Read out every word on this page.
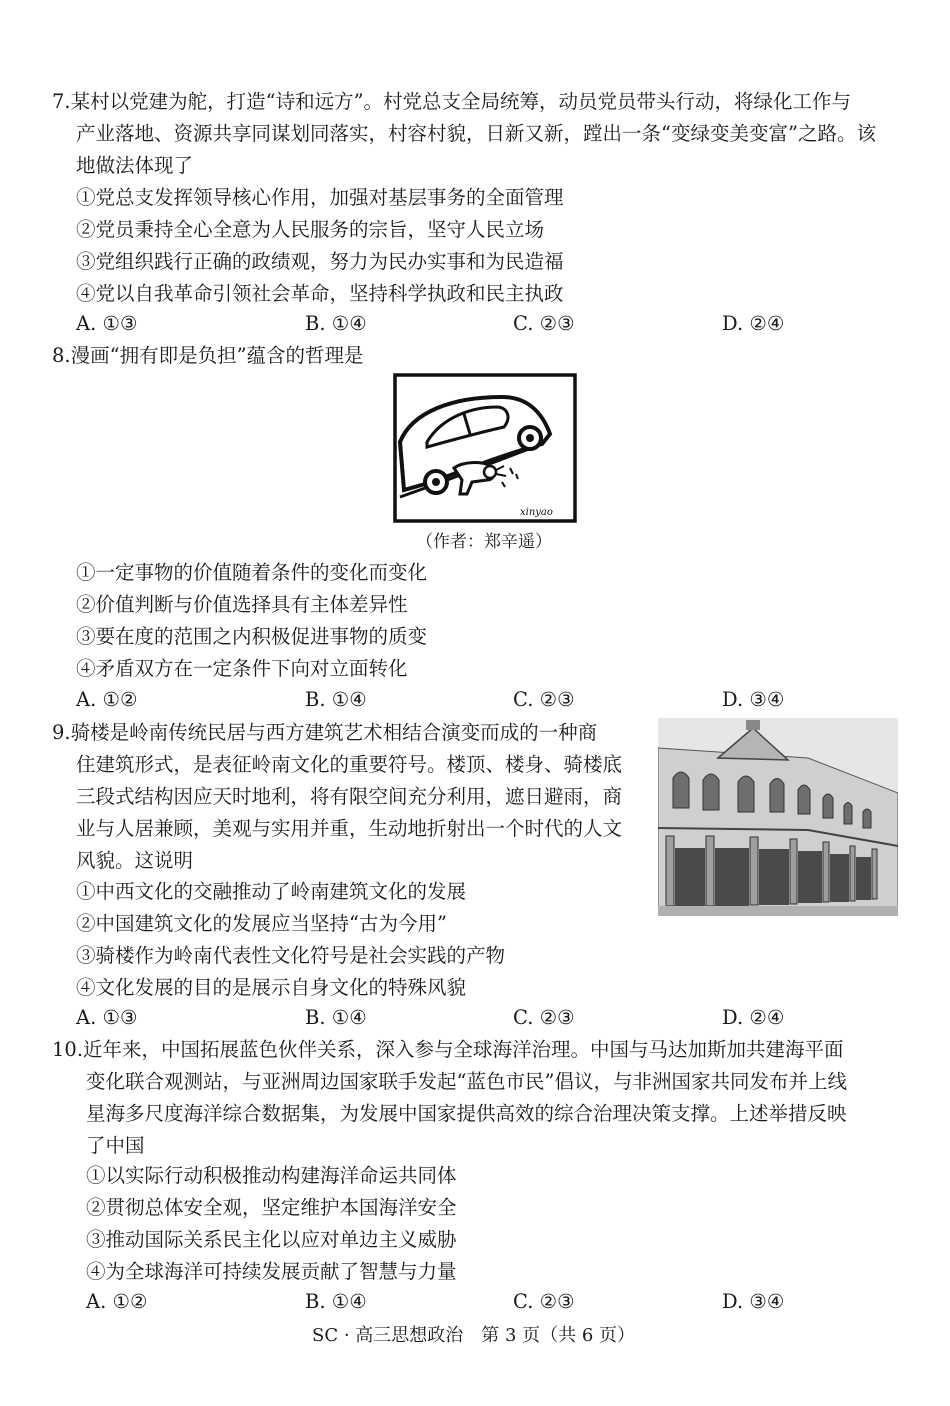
7.某村以党建为舵，打造“诗和远方”。村党总支全局统筹，动员党员带头行动，将绿化工作与
产业落地、资源共享同谋划同落实，村容村貌，日新又新，蹚出一条“变绿变美变富”之路。该
地做法体现了
①党总支发挥领导核心作用，加强对基层事务的全面管理
②党员秉持全心全意为人民服务的宗旨，坚守人民立场
③党组织践行正确的政绩观，努力为民办实事和为民造福
④党以自我革命引领社会革命，坚持科学执政和民主执政
A. ①③	B. ①④	C. ②③	D. ②④
8.漫画“拥有即是负担”蕴含的哲理是
xinyao
（作者：郑辛遥）
①一定事物的价值随着条件的变化而变化
②价值判断与价值选择具有主体差异性
③要在度的范围之内积极促进事物的质变
④矛盾双方在一定条件下向对立面转化
A. ①②	B. ①④	C. ②③	D. ③④
9.骑楼是岭南传统民居与西方建筑艺术相结合演变而成的一种商
住建筑形式，是表征岭南文化的重要符号。楼顶、楼身、骑楼底
三段式结构因应天时地利，将有限空间充分利用，遮日避雨，商
业与人居兼顾，美观与实用并重，生动地折射出一个时代的人文
风貌。这说明
①中西文化的交融推动了岭南建筑文化的发展
②中国建筑文化的发展应当坚持“古为今用”
③骑楼作为岭南代表性文化符号是社会实践的产物
④文化发展的目的是展示自身文化的特殊风貌
A. ①③	B. ①④	C. ②③	D. ②④
10.近年来，中国拓展蓝色伙伴关系，深入参与全球海洋治理。中国与马达加斯加共建海平面
变化联合观测站，与亚洲周边国家联手发起“蓝色市民”倡议，与非洲国家共同发布并上线
星海多尺度海洋综合数据集，为发展中国家提供高效的综合治理决策支撑。上述举措反映
了中国
①以实际行动积极推动构建海洋命运共同体
②贯彻总体安全观，坚定维护本国海洋安全
③推动国际关系民主化以应对单边主义威胁
④为全球海洋可持续发展贡献了智慧与力量
A. ①②	B. ①④	C. ②③	D. ③④
SC · 高三思想政治　第 3 页（共 6 页）
